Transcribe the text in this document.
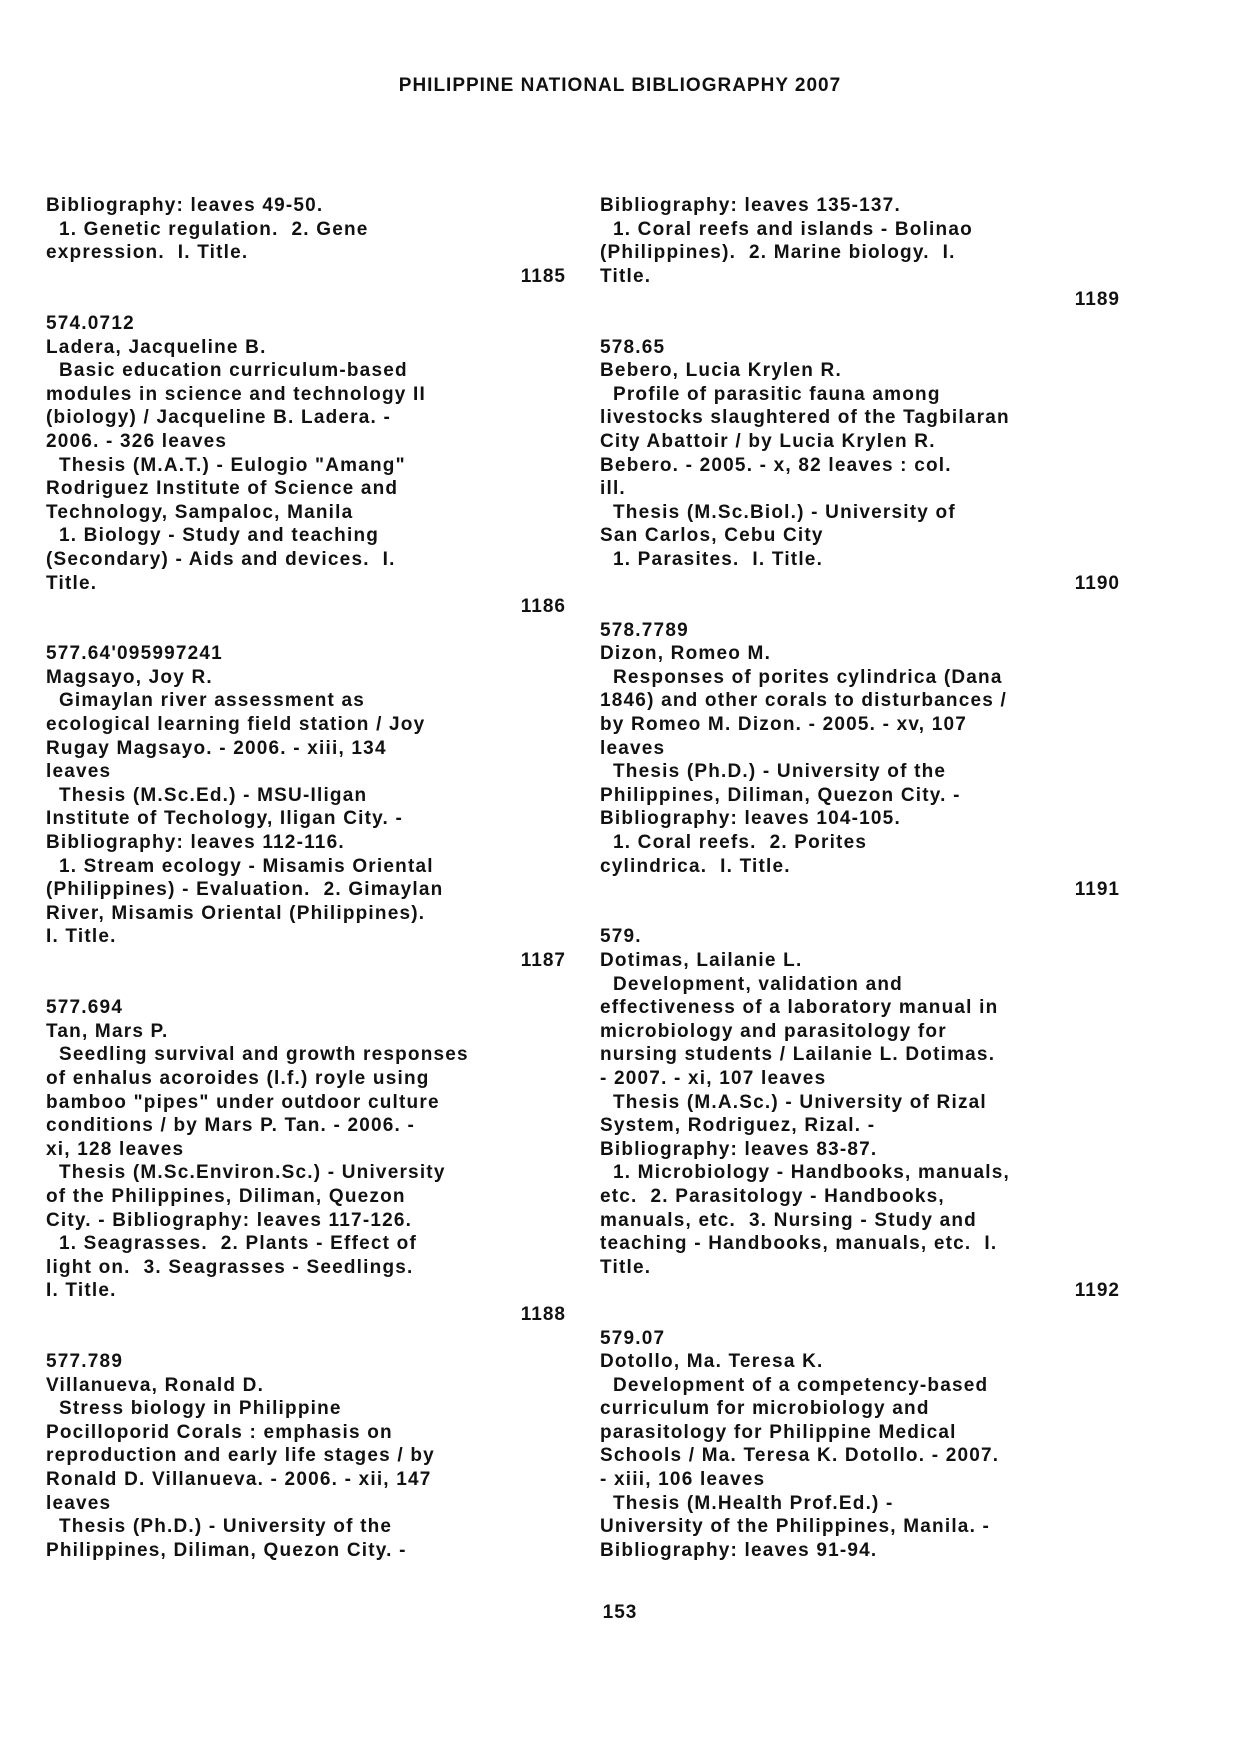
PHILIPPINE NATIONAL BIBLIOGRAPHY 2007
Bibliography: leaves 49-50.
1. Genetic regulation.  2. Gene
expression.  I. Title.
1185
574.0712
Ladera, Jacqueline B.
Basic education curriculum-based
modules in science and technology II
(biology) / Jacqueline B. Ladera. -
2006. - 326 leaves
Thesis (M.A.T.) - Eulogio "Amang"
Rodriguez Institute of Science and
Technology, Sampaloc, Manila
1. Biology - Study and teaching
(Secondary) - Aids and devices.  I.
Title.
1186
577.64'095997241
Magsayo, Joy R.
Gimaylan river assessment as
ecological learning field station / Joy
Rugay Magsayo. - 2006. - xiii, 134
leaves
Thesis (M.Sc.Ed.) - MSU-Iligan
Institute of Techology, Iligan City. -
Bibliography: leaves 112-116.
1. Stream ecology - Misamis Oriental
(Philippines) - Evaluation.  2. Gimaylan
River, Misamis Oriental (Philippines).
I. Title.
1187
577.694
Tan, Mars P.
Seedling survival and growth responses
of enhalus acoroides (l.f.) royle using
bamboo "pipes" under outdoor culture
conditions / by Mars P. Tan. - 2006. -
xi, 128 leaves
Thesis (M.Sc.Environ.Sc.) - University
of the Philippines, Diliman, Quezon
City. - Bibliography: leaves 117-126.
1. Seagrasses.  2. Plants - Effect of
light on.  3. Seagrasses - Seedlings.
I. Title.
1188
577.789
Villanueva, Ronald D.
Stress biology in Philippine
Pocilloporid Corals : emphasis on
reproduction and early life stages / by
Ronald D. Villanueva. - 2006. - xii, 147
leaves
Thesis (Ph.D.) - University of the
Philippines, Diliman, Quezon City. -
Bibliography: leaves 135-137.
1. Coral reefs and islands - Bolinao
(Philippines).  2. Marine biology.  I.
Title.
1189
578.65
Bebero, Lucia Krylen R.
Profile of parasitic fauna among
livestocks slaughtered of the Tagbilaran
City Abattoir / by Lucia Krylen R.
Bebero. - 2005. - x, 82 leaves : col.
ill.
Thesis (M.Sc.Biol.) - University of
San Carlos, Cebu City
1. Parasites.  I. Title.
1190
578.7789
Dizon, Romeo M.
Responses of porites cylindrica (Dana
1846) and other corals to disturbances /
by Romeo M. Dizon. - 2005. - xv, 107
leaves
Thesis (Ph.D.) - University of the
Philippines, Diliman, Quezon City. -
Bibliography: leaves 104-105.
1. Coral reefs.  2. Porites
cylindrica.  I. Title.
1191
579.
Dotimas, Lailanie L.
Development, validation and
effectiveness of a laboratory manual in
microbiology and parasitology for
nursing students / Lailanie L. Dotimas.
- 2007. - xi, 107 leaves
Thesis (M.A.Sc.) - University of Rizal
System, Rodriguez, Rizal. -
Bibliography: leaves 83-87.
1. Microbiology - Handbooks, manuals,
etc.  2. Parasitology - Handbooks,
manuals, etc.  3. Nursing - Study and
teaching - Handbooks, manuals, etc.  I.
Title.
1192
579.07
Dotollo, Ma. Teresa K.
Development of a competency-based
curriculum for microbiology and
parasitology for Philippine Medical
Schools / Ma. Teresa K. Dotollo. - 2007.
- xiii, 106 leaves
Thesis (M.Health Prof.Ed.) -
University of the Philippines, Manila. -
Bibliography: leaves 91-94.
153
